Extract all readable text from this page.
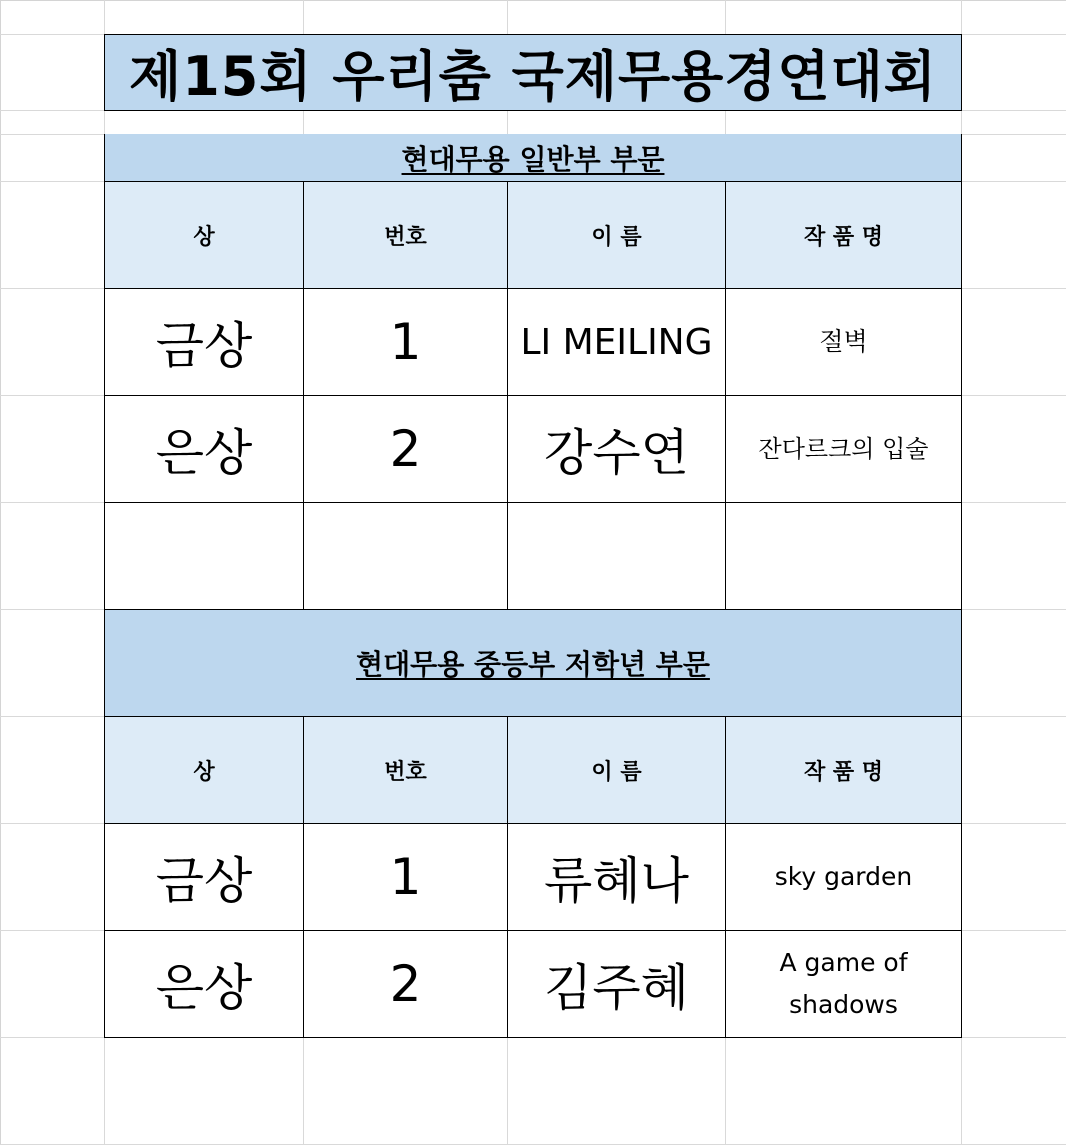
제15회 우리춤 국제무용경연대회
현대무용 일반부 부문
상	번호	이 름	작 품 명
금상	1	LI MEILING	절벽
은상	2 강수연	잔다르크의 입술
현대무용 중등부 저학년 부문
상	번호	이 름	작 품 명
금상	1 류혜나	sky garden
은상	2 김주혜	A game of shadows
